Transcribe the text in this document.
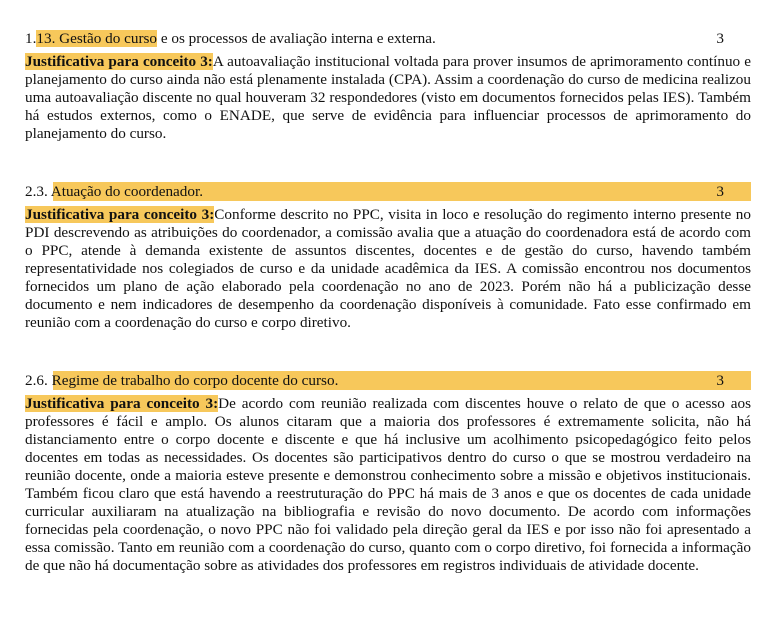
1.13. Gestão do curso e os processos de avaliação interna e externa.	3
Justificativa para conceito 3:A autoavaliação institucional voltada para prover insumos de aprimoramento contínuo e planejamento do curso ainda não está plenamente instalada (CPA). Assim a coordenação do curso de medicina realizou uma autoavaliação discente no qual houveram 32 respondedores (visto em documentos fornecidos pelas IES). Também há estudos externos, como o ENADE, que serve de evidência para influenciar processos de aprimoramento do planejamento do curso.
2.3. Atuação do coordenador.	3
Justificativa para conceito 3:Conforme descrito no PPC, visita in loco e resolução do regimento interno presente no PDI descrevendo as atribuições do coordenador, a comissão avalia que a atuação do coordenadora está de acordo com o PPC, atende à demanda existente de assuntos discentes, docentes e de gestão do curso, havendo também representatividade nos colegiados de curso e da unidade acadêmica da IES. A comissão encontrou nos documentos fornecidos um plano de ação elaborado pela coordenação no ano de 2023. Porém não há a publicização desse documento e nem indicadores de desempenho da coordenação disponíveis à comunidade. Fato esse confirmado em reunião com a coordenação do curso e corpo diretivo.
2.6. Regime de trabalho do corpo docente do curso.	3
Justificativa para conceito 3:De acordo com reunião realizada com discentes houve o relato de que o acesso aos professores é fácil e amplo. Os alunos citaram que a maioria dos professores é extremamente solicita, não há distanciamento entre o corpo docente e discente e que há inclusive um acolhimento psicopedagógico feito pelos docentes em todas as necessidades. Os docentes são participativos dentro do curso o que se mostrou verdadeiro na reunião docente, onde a maioria esteve presente e demonstrou conhecimento sobre a missão e objetivos institucionais. Também ficou claro que está havendo a reestruturação do PPC há mais de 3 anos e que os docentes de cada unidade curricular auxiliaram na atualização na bibliografia e revisão do novo documento. De acordo com informações fornecidas pela coordenação, o novo PPC não foi validado pela direção geral da IES e por isso não foi apresentado a essa comissão. Tanto em reunião com a coordenação do curso, quanto com o corpo diretivo, foi fornecida a informação de que não há documentação sobre as atividades dos professores em registros individuais de atividade docente.
